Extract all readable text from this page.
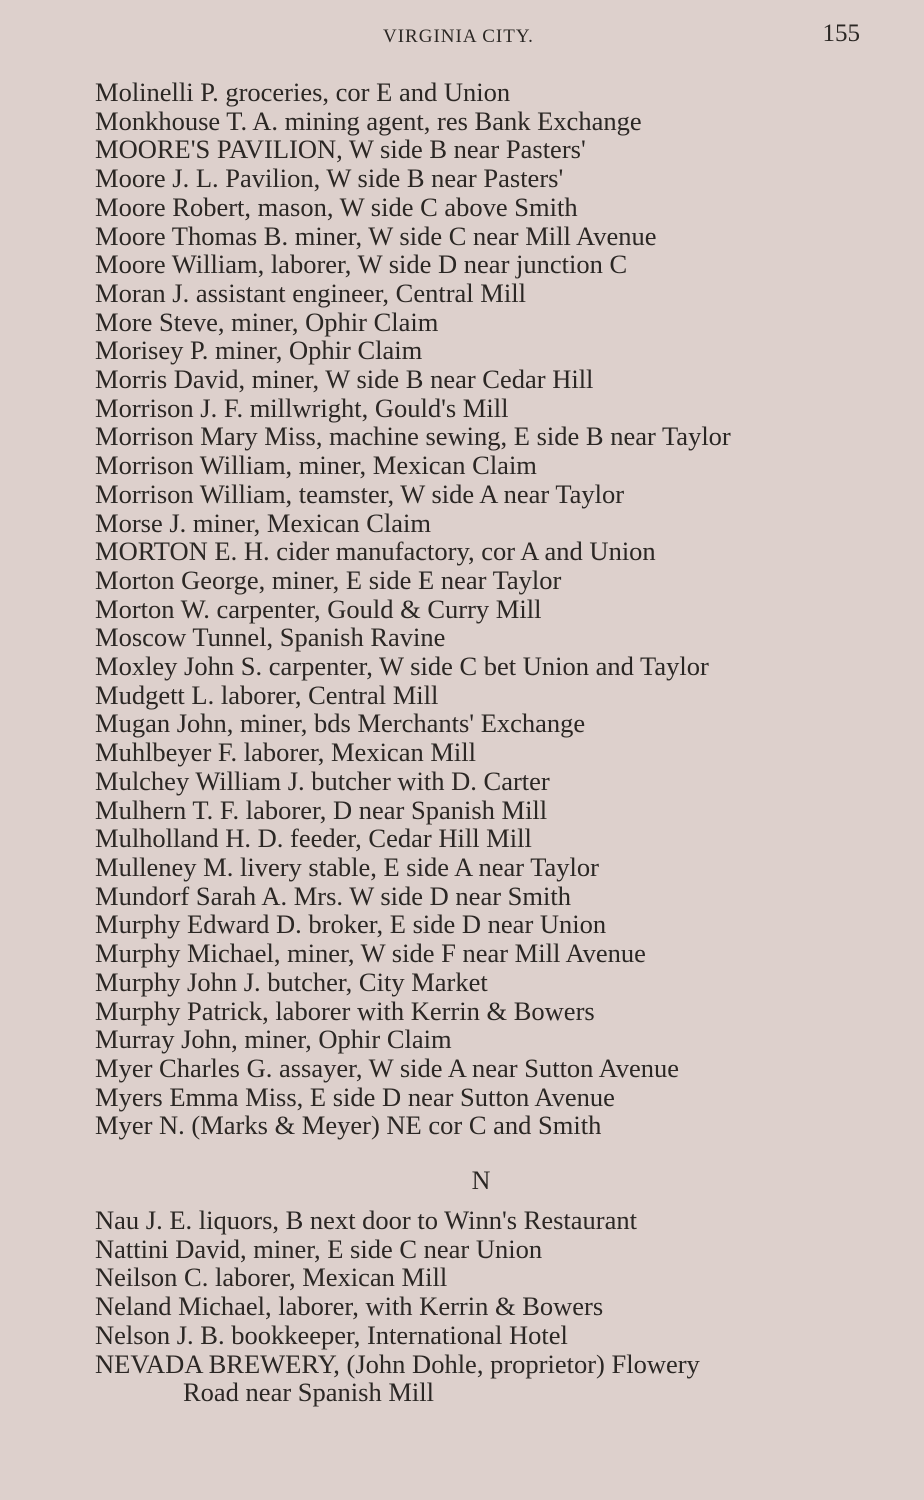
VIRGINIA CITY.	155
Molinelli P. groceries, cor E and Union
Monkhouse T. A. mining agent, res Bank Exchange
MOORE'S PAVILION, W side B near Pasters'
Moore J. L. Pavilion, W side B near Pasters'
Moore Robert, mason, W side C above Smith
Moore Thomas B. miner, W side C near Mill Avenue
Moore William, laborer, W side D near junction C
Moran J. assistant engineer, Central Mill
More Steve, miner, Ophir Claim
Morisey P. miner, Ophir Claim
Morris David, miner, W side B near Cedar Hill
Morrison J. F. millwright, Gould's Mill
Morrison Mary Miss, machine sewing, E side B near Taylor
Morrison William, miner, Mexican Claim
Morrison William, teamster, W side A near Taylor
Morse J. miner, Mexican Claim
MORTON E. H. cider manufactory, cor A and Union
Morton George, miner, E side E near Taylor
Morton W. carpenter, Gould & Curry Mill
Moscow Tunnel, Spanish Ravine
Moxley John S. carpenter, W side C bet Union and Taylor
Mudgett L. laborer, Central Mill
Mugan John, miner, bds Merchants' Exchange
Muhlbeyer F. laborer, Mexican Mill
Mulchey William J. butcher with D. Carter
Mulhern T. F. laborer, D near Spanish Mill
Mulholland H. D. feeder, Cedar Hill Mill
Mulleney M. livery stable, E side A near Taylor
Mundorf Sarah A. Mrs. W side D near Smith
Murphy Edward D. broker, E side D near Union
Murphy Michael, miner, W side F near Mill Avenue
Murphy John J. butcher, City Market
Murphy Patrick, laborer with Kerrin & Bowers
Murray John, miner, Ophir Claim
Myer Charles G. assayer, W side A near Sutton Avenue
Myers Emma Miss, E side D near Sutton Avenue
Myer N. (Marks & Meyer) NE cor C and Smith
N
Nau J. E. liquors, B next door to Winn's Restaurant
Nattini David, miner, E side C near Union
Neilson C. laborer, Mexican Mill
Neland Michael, laborer, with Kerrin & Bowers
Nelson J. B. bookkeeper, International Hotel
NEVADA BREWERY, (John Dohle, proprietor) Flowery
Road near Spanish Mill
